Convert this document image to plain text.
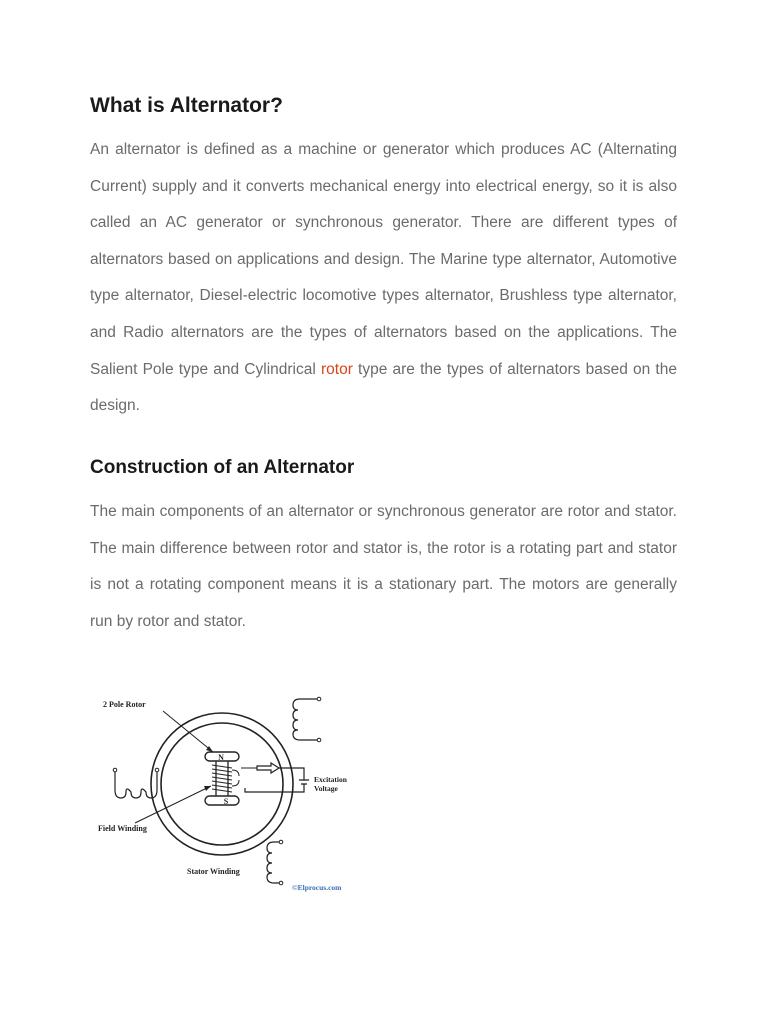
What is Alternator?

An alternator is defined as a machine or generator which produces AC (Alternating Current) supply and it converts mechanical energy into electrical energy, so it is also called an AC generator or synchronous generator. There are different types of alternators based on applications and design. The Marine type alternator, Automotive type alternator, Diesel-electric locomotive types alternator, Brushless type alternator, and Radio alternators are the types of alternators based on the applications. The Salient Pole type and Cylindrical rotor type are the types of alternators based on the design.

Construction of an Alternator

The main components of an alternator or synchronous generator are rotor and stator. The main difference between rotor and stator is, the rotor is a rotating part and stator is not a rotating component means it is a stationary part. The motors are generally run by rotor and stator.

N
S
Excitation
Voltage
2 Pole Rotor
Field Winding
Stator Winding
©Elprocus.com
